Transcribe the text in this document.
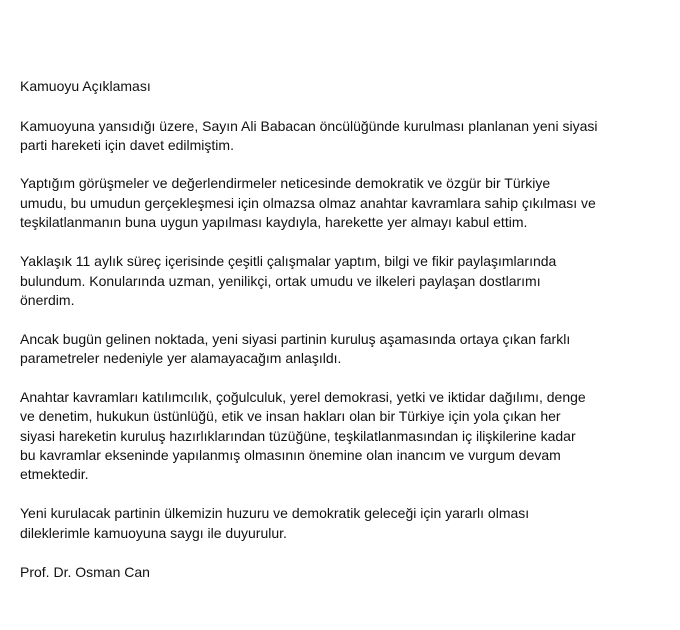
Kamuoyu Açıklaması

Kamuoyuna yansıdığı üzere, Sayın Ali Babacan öncülüğünde kurulması planlanan yeni siyasi

parti hareketi için davet edilmiştim.

Yaptığım görüşmeler ve değerlendirmeler neticesinde demokratik ve özgür bir Türkiye

umudu, bu umudun gerçekleşmesi için olmazsa olmaz anahtar kavramlara sahip çıkılması ve

teşkilatlanmanın buna uygun yapılması kaydıyla, harekette yer almayı kabul ettim.

Yaklaşık 11 aylık süreç içerisinde çeşitli çalışmalar yaptım, bilgi ve fikir paylaşımlarında

bulundum. Konularında uzman, yenilikçi, ortak umudu ve ilkeleri paylaşan dostlarımı

önerdim.

Ancak bugün gelinen noktada, yeni siyasi partinin kuruluş aşamasında ortaya çıkan farklı

parametreler nedeniyle yer alamayacağım anlaşıldı.

Anahtar kavramları katılımcılık, çoğulculuk, yerel demokrasi, yetki ve iktidar dağılımı, denge

ve denetim, hukukun üstünlüğü, etik ve insan hakları olan bir Türkiye için yola çıkan her

siyasi hareketin kuruluş hazırlıklarından tüzüğüne, teşkilatlanmasından iç ilişkilerine kadar

bu kavramlar ekseninde yapılanmış olmasının önemine olan inancım ve vurgum devam

etmektedir.

Yeni kurulacak partinin ülkemizin huzuru ve demokratik geleceği için yararlı olması

dileklerimle kamuoyuna saygı ile duyurulur.

Prof. Dr. Osman Can
